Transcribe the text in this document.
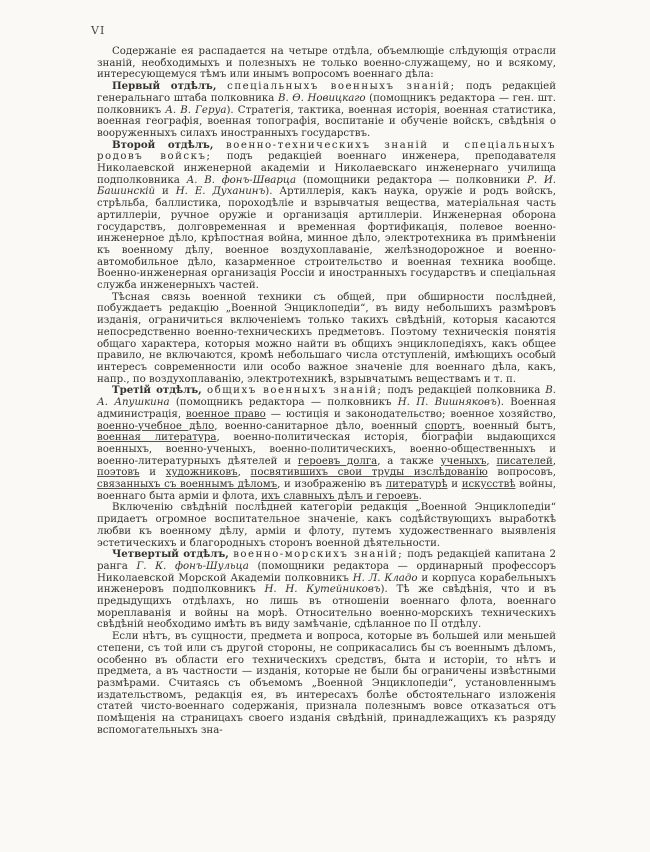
VI

Содержаніе ея распадается на четыре отдѣла, объемлющіе слѣдующія отрасли знаній, необходимыхъ и полезныхъ не только военно-служащему, но и всякому, интересующемуся тѣмъ или инымъ вопросомъ военнаго дѣла:

Первый отдѣлъ, спеціальныхъ военныхъ знаній; подъ редакціей генеральнаго штаба полковника В. Ѳ. Новицкаго (помощникъ редактора — ген. шт. полковникъ А. В. Геруа). Стратегія, тактика, военная исторія, военная статистика, военная географія, военная топографія, воспитаніе и обученіе войскъ, свѣдѣнія о вооруженныхъ силахъ иностранныхъ государствъ.

Второй отдѣлъ, военно-техническихъ знаній и спеціальныхъ родовъ войскъ; подъ редакціей военнаго инженера, преподавателя Николаевской инженерной академіи и Николаевскаго инженернаго училища подполковника А. В. фонъ-Шварца (помощники редактора — полковники Р. И. Башинскій и Н. Е. Духанинъ). Артиллерія, какъ наука, оружіе и родъ войскъ, стрѣльба, баллистика, пороходѣліе и взрывчатыя вещества, матеріальная часть артиллеріи, ручное оружіе и организація артиллеріи. Инженерная оборона государствъ, долговременная и временная фортификація, полевое военно-инженерное дѣло, крѣпостная война, минное дѣло, электротехника въ примѣненіи къ военному дѣлу, военное воздухоплаваніе, желѣзнодорожное и военно-автомобильное дѣло, казарменное строительство и военная техника вообще. Военно-инженерная организація Россіи и иностранныхъ государствъ и спеціальная служба инженерныхъ частей.

Тѣсная связь военной техники съ общей, при обширности послѣдней, побуждаетъ редакцію „Военной Энциклопедіи“, въ виду небольшихъ размѣровъ изданія, ограничиться включеніемъ только такихъ свѣдѣній, которыя касаются непосредственно военно-техническихъ предметовъ. Поэтому техническія понятія общаго характера, которыя можно найти въ общихъ энциклопедіяхъ, какъ общее правило, не включаются, кромѣ небольшаго числа отступленій, имѣющихъ особый интересъ современности или особо важное значеніе для военнаго дѣла, какъ, напр., по воздухоплаванію, электротехникѣ, взрывчатымъ веществамъ и т. п.

Третій отдѣлъ, общихъ военныхъ знаній; подъ редакціей полковника В. А. Апушкина (помощникъ редактора — полковникъ Н. П. Вишняковъ). Военная администрація, военное право — юстиція и законодательство; военное хозяйство, военно-учебное дѣло, военно-санитарное дѣло, военный спортъ, военный бытъ, военная литература, военно-политическая исторія, біографіи выдающихся военныхъ, военно-ученыхъ, военно-политическихъ, военно-общественныхъ и военно-литературныхъ дѣятелей и героевъ долга, а также ученыхъ, писателей, поэтовъ и художниковъ, посвятившихъ свои труды изслѣдованію вопросовъ, связанныхъ съ военнымъ дѣломъ, и изображенію въ литературѣ и искусствѣ войны, военнаго быта арміи и флота, ихъ славныхъ дѣлъ и героевъ.

Включенію свѣдѣній послѣдней категоріи редакція „Военной Энциклопедіи“ придаетъ огромное воспитательное значеніе, какъ содѣйствующихъ выработкѣ любви къ военному дѣлу, арміи и флоту, путемъ художественнаго выявленія эстетическихъ и благородныхъ сторонъ военной дѣятельности.

Четвертый отдѣлъ, военно-морскихъ знаній; подъ редакціей капитана 2 ранга Г. К. фонъ-Шульца (помощники редактора — ординарный профессоръ Николаевской Морской Академіи полковникъ Н. Л. Кладо и корпуса корабельныхъ инженеровъ подполковникъ Н. Н. Кутейниковъ). Тѣ же свѣдѣнія, что и въ предыдущихъ отдѣлахъ, но лишь въ отношеніи военнаго флота, военнаго мореплаванія и войны на морѣ. Относительно военно-морскихъ техническихъ свѣдѣній необходимо имѣть въ виду замѣчаніе, сдѣланное по II отдѣлу.

Если нѣтъ, въ сущности, предмета и вопроса, которые въ большей или меньшей степени, съ той или съ другой стороны, не соприкасались бы съ военнымъ дѣломъ, особенно въ области его техническихъ средствъ, быта и исторіи, то нѣтъ и предмета, а въ частности — изданія, которые не были бы ограничены извѣстными размѣрами. Считаясь съ объемомъ „Военной Энциклопедіи“, установленнымъ издательствомъ, редакція ея, въ интересахъ болѣе обстоятельнаго изложенія статей чисто-военнаго содержанія, признала полезнымъ вовсе отказаться отъ помѣщенія на страницахъ своего изданія свѣдѣній, принадлежащихъ къ разряду вспомогательныхъ зна-
